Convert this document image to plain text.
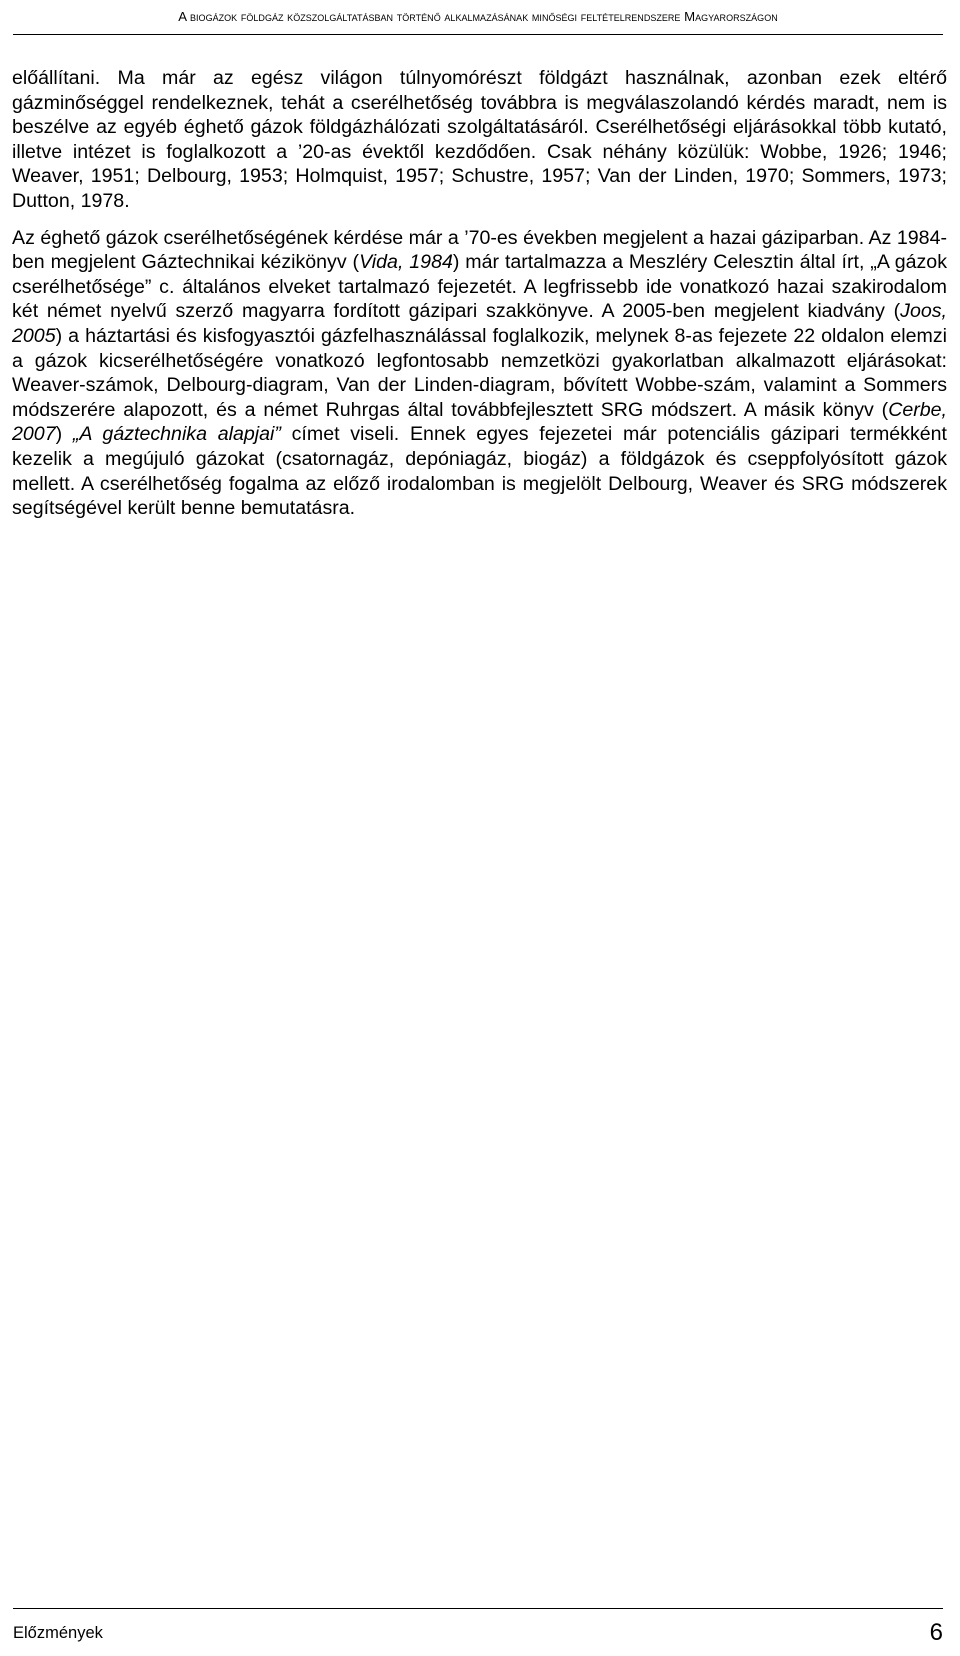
A biogázok földgáz közszolgáltatásban történő alkalmazásának minőségi feltételrendszere Magyarországon

előállítani. Ma már az egész világon túlnyomórészt földgázt használnak, azonban ezek eltérő gázminőséggel rendelkeznek, tehát a cserélhetőség továbbra is megválaszolandó kérdés maradt, nem is beszélve az egyéb éghető gázok földgázhálózati szolgáltatásáról. Cserélhetőségi eljárásokkal több kutató, illetve intézet is foglalkozott a ’20-as évektől kezdődően. Csak néhány közülük: Wobbe, 1926; 1946; Weaver, 1951; Delbourg, 1953; Holmquist, 1957; Schustre, 1957; Van der Linden, 1970; Sommers, 1973; Dutton, 1978.

Az éghető gázok cserélhetőségének kérdése már a ’70-es években megjelent a hazai gáziparban. Az 1984-ben megjelent Gáztechnikai kézikönyv (Vida, 1984) már tartalmazza a Meszléry Celesztin által írt, „A gázok cserélhetősége” c. általános elveket tartalmazó fejezetét. A legfrissebb ide vonatkozó hazai szakirodalom két német nyelvű szerző magyarra fordított gázipari szakkönyve. A 2005-ben megjelent kiadvány (Joos, 2005) a háztartási és kisfogyasztói gázfelhasználással foglalkozik, melynek 8-as fejezete 22 oldalon elemzi a gázok kicserélhetőségére vonatkozó legfontosabb nemzetközi gyakorlatban alkalmazott eljárásokat: Weaver-számok, Delbourg-diagram, Van der Linden-diagram, bővített Wobbe-szám, valamint a Sommers módszerére alapozott, és a német Ruhrgas által továbbfejlesztett SRG módszert. A másik könyv (Cerbe, 2007) „A gáztechnika alapjai” címet viseli. Ennek egyes fejezetei már potenciális gázipari termékként kezelik a megújuló gázokat (csatornagáz, depóniagáz, biogáz) a földgázok és cseppfolyósított gázok mellett. A cserélhetőség fogalma az előző irodalomban is megjelölt Delbourg, Weaver és SRG módszerek segítségével került benne bemutatásra.

Előzmények	6
